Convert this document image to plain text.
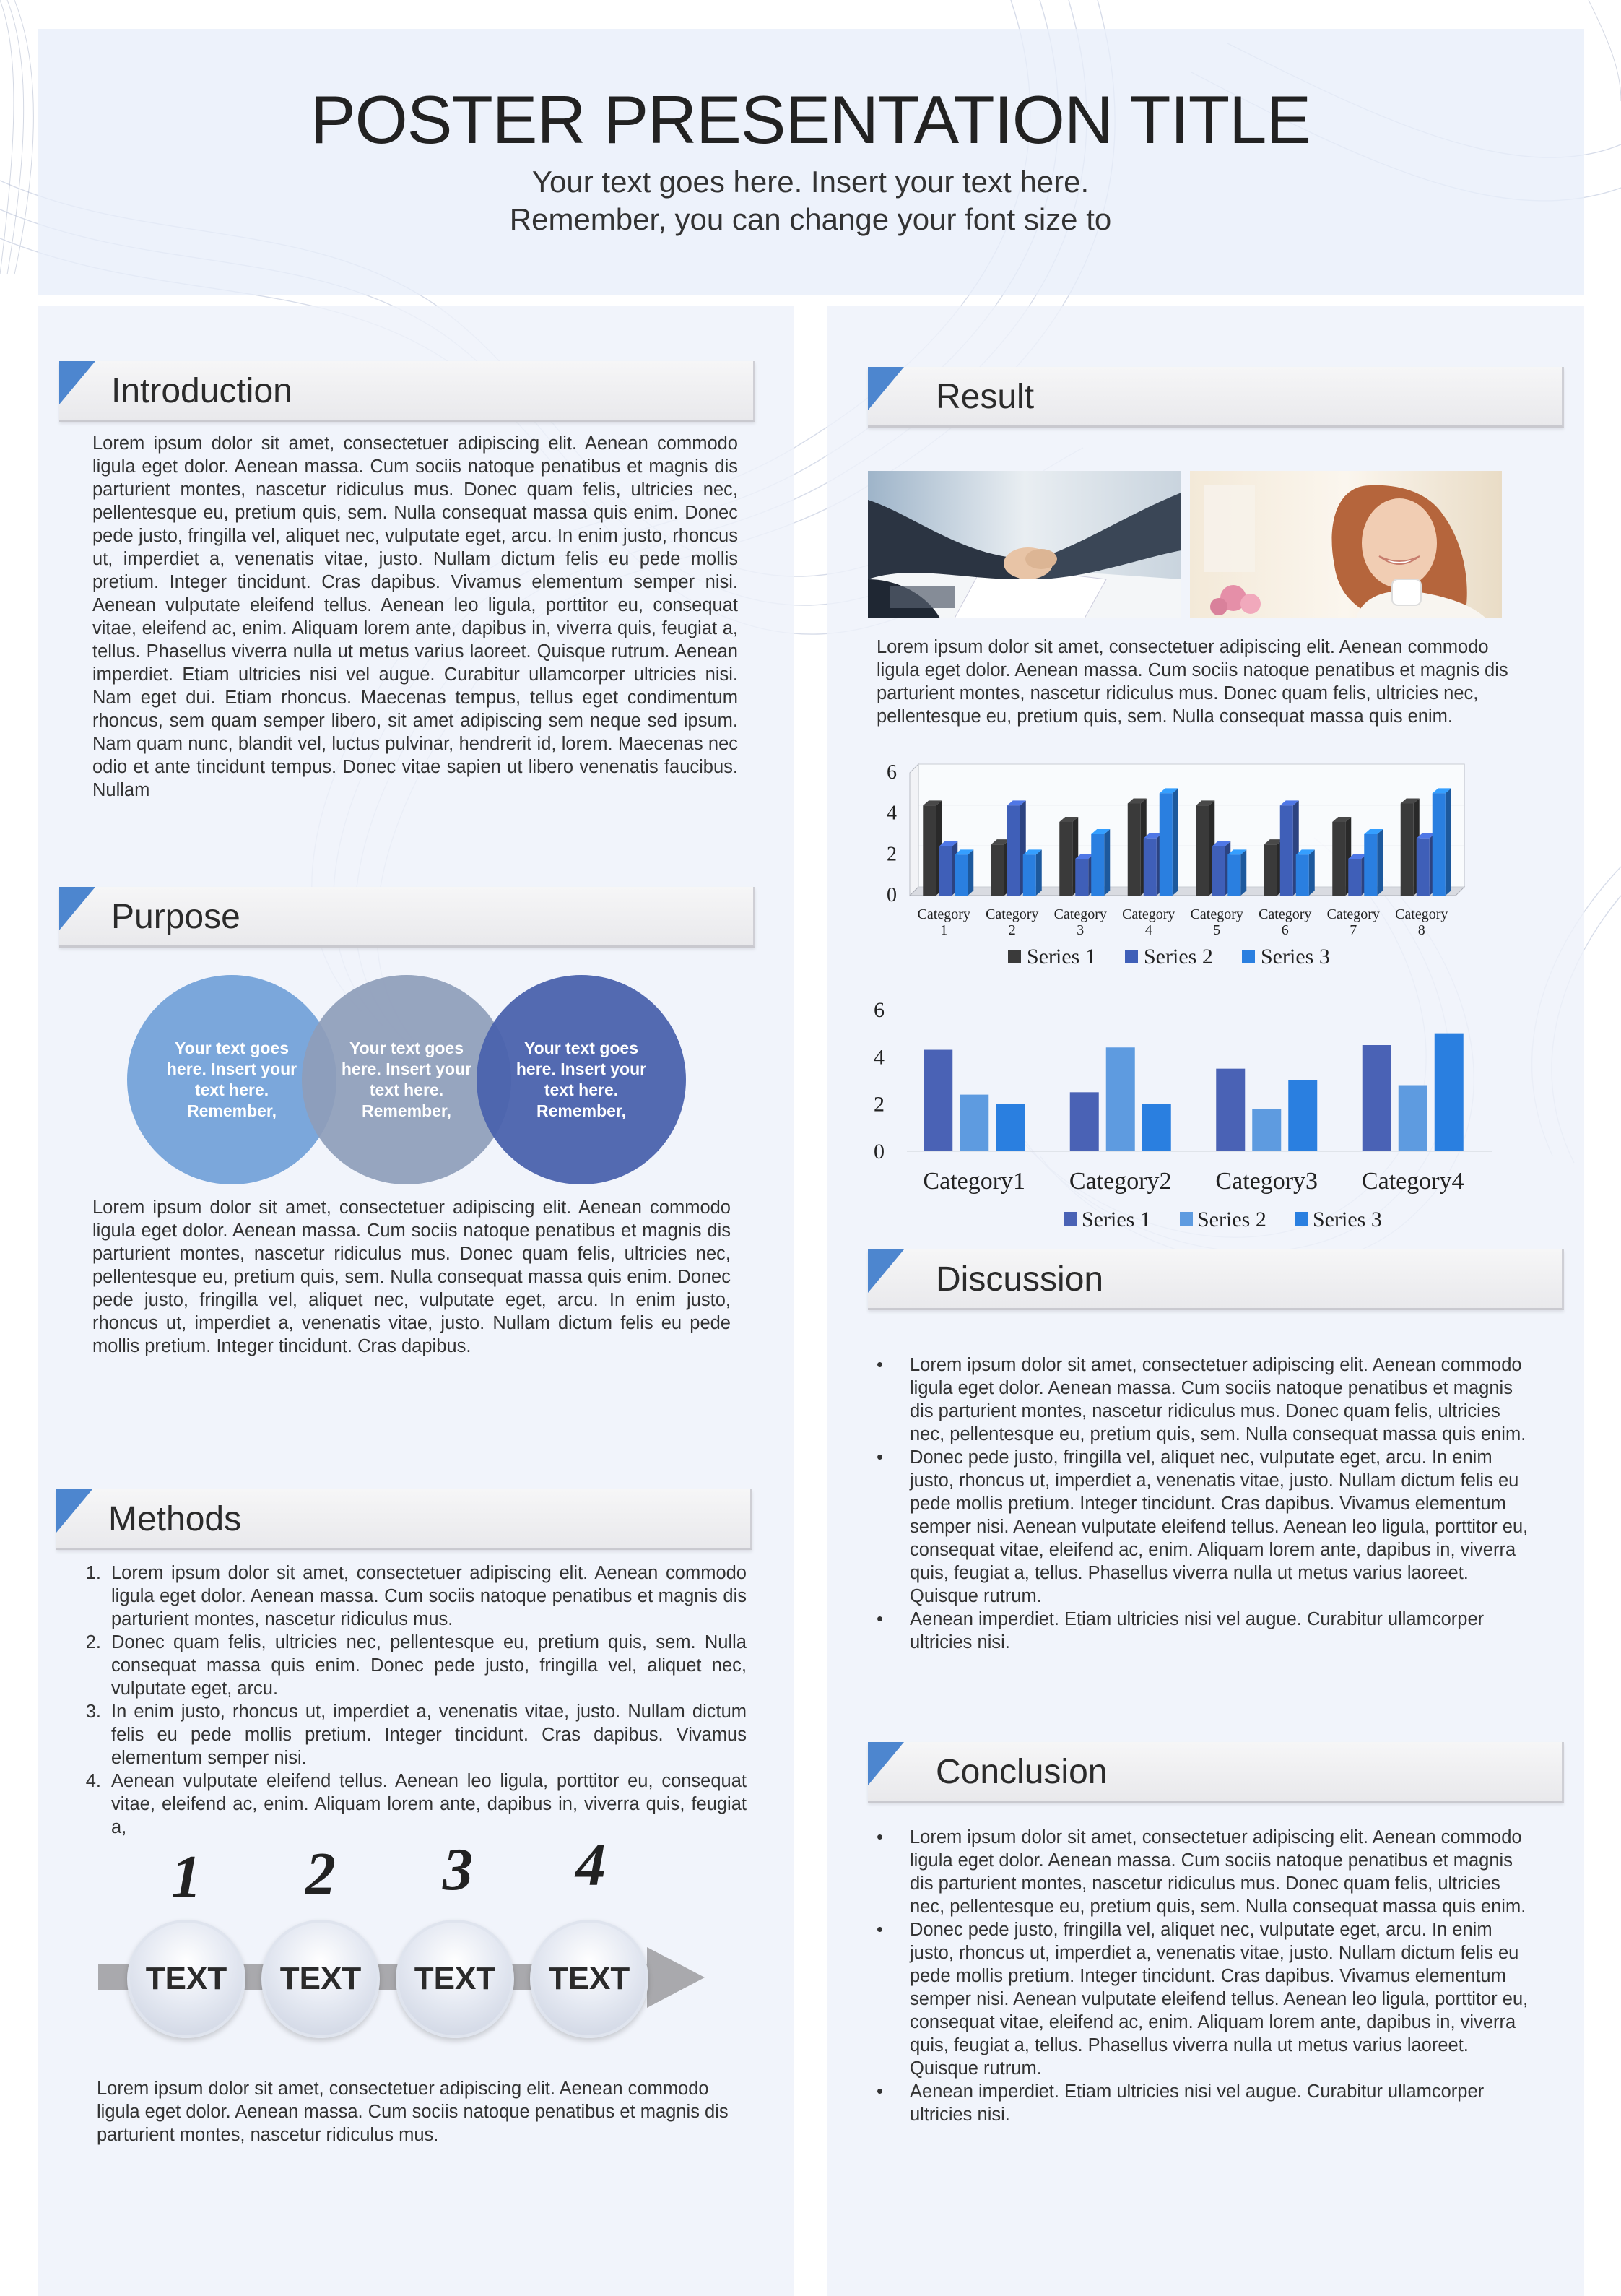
POSTER PRESENTATION TITLE
Your text goes here. Insert your text here.
Remember, you can change your font size to
Introduction
Lorem ipsum dolor sit amet, consectetuer adipiscing elit. Aenean commodo ligula eget dolor. Aenean massa. Cum sociis natoque penatibus et magnis dis parturient montes, nascetur ridiculus mus. Donec quam felis, ultricies nec, pellentesque eu, pretium quis, sem. Nulla consequat massa quis enim. Donec pede justo, fringilla vel, aliquet nec, vulputate eget, arcu. In enim justo, rhoncus ut, imperdiet a, venenatis vitae, justo. Nullam dictum felis eu pede mollis pretium. Integer tincidunt. Cras dapibus. Vivamus elementum semper nisi. Aenean vulputate eleifend tellus. Aenean leo ligula, porttitor eu, consequat vitae, eleifend ac, enim. Aliquam lorem ante, dapibus in, viverra quis, feugiat a, tellus. Phasellus viverra nulla ut metus varius laoreet. Quisque rutrum. Aenean imperdiet. Etiam ultricies nisi vel augue. Curabitur ullamcorper ultricies nisi. Nam eget dui. Etiam rhoncus. Maecenas tempus, tellus eget condimentum rhoncus, sem quam semper libero, sit amet adipiscing sem neque sed ipsum. Nam quam nunc, blandit vel, luctus pulvinar, hendrerit id, lorem. Maecenas nec odio et ante tincidunt tempus. Donec vitae sapien ut libero venenatis faucibus. Nullam
Purpose
Your text goes here. Insert your text here. Remember,
Your text goes here. Insert your text here. Remember,
Your text goes here. Insert your text here. Remember,
Lorem ipsum dolor sit amet, consectetuer adipiscing elit. Aenean commodo ligula eget dolor. Aenean massa. Cum sociis natoque penatibus et magnis dis parturient montes, nascetur ridiculus mus. Donec quam felis, ultricies nec, pellentesque eu, pretium quis, sem. Nulla consequat massa quis enim. Donec pede justo, fringilla vel, aliquet nec, vulputate eget, arcu. In enim justo, rhoncus ut, imperdiet a, venenatis vitae, justo. Nullam dictum felis eu pede mollis pretium. Integer tincidunt. Cras dapibus.
Methods
1. Lorem ipsum dolor sit amet, consectetuer adipiscing elit. Aenean commodo ligula eget dolor. Aenean massa. Cum sociis natoque penatibus et magnis dis parturient montes, nascetur ridiculus mus.
2. Donec quam felis, ultricies nec, pellentesque eu, pretium quis, sem. Nulla consequat massa quis enim. Donec pede justo, fringilla vel, aliquet nec, vulputate eget, arcu.
3. In enim justo, rhoncus ut, imperdiet a, venenatis vitae, justo. Nullam dictum felis eu pede mollis pretium. Integer tincidunt. Cras dapibus. Vivamus elementum semper nisi.
4. Aenean vulputate eleifend tellus. Aenean leo ligula, porttitor eu, consequat vitae, eleifend ac, enim. Aliquam lorem ante, dapibus in, viverra quis, feugiat a,
1	2	3	4
TEXT	TEXT	TEXT	TEXT
Lorem ipsum dolor sit amet, consectetuer adipiscing elit. Aenean commodo ligula eget dolor. Aenean massa. Cum sociis natoque penatibus et magnis dis parturient montes, nascetur ridiculus mus.
Result
Lorem ipsum dolor sit amet, consectetuer adipiscing elit. Aenean commodo ligula eget dolor. Aenean massa. Cum sociis natoque penatibus et magnis dis parturient montes, nascetur ridiculus mus. Donec quam felis, ultricies nec, pellentesque eu, pretium quis, sem. Nulla consequat massa quis enim.
0
2
4
6
Category
1
Category
2
Category
3
Category
4
Category
5
Category
6
Category
7
Category
8
Series 1 Series 2 Series 3
0
2
4
6
Category1 Category2 Category3 Category4
Series 1 Series 2 Series 3
Discussion
• Lorem ipsum dolor sit amet, consectetuer adipiscing elit. Aenean commodo ligula eget dolor. Aenean massa. Cum sociis natoque penatibus et magnis dis parturient montes, nascetur ridiculus mus. Donec quam felis, ultricies nec, pellentesque eu, pretium quis, sem. Nulla consequat massa quis enim.
• Donec pede justo, fringilla vel, aliquet nec, vulputate eget, arcu. In enim justo, rhoncus ut, imperdiet a, venenatis vitae, justo. Nullam dictum felis eu pede mollis pretium. Integer tincidunt. Cras dapibus. Vivamus elementum semper nisi. Aenean vulputate eleifend tellus. Aenean leo ligula, porttitor eu, consequat vitae, eleifend ac, enim. Aliquam lorem ante, dapibus in, viverra quis, feugiat a, tellus. Phasellus viverra nulla ut metus varius laoreet. Quisque rutrum.
• Aenean imperdiet. Etiam ultricies nisi vel augue. Curabitur ullamcorper ultricies nisi.
Conclusion
• Lorem ipsum dolor sit amet, consectetuer adipiscing elit. Aenean commodo ligula eget dolor. Aenean massa. Cum sociis natoque penatibus et magnis dis parturient montes, nascetur ridiculus mus. Donec quam felis, ultricies nec, pellentesque eu, pretium quis, sem. Nulla consequat massa quis enim.
• Donec pede justo, fringilla vel, aliquet nec, vulputate eget, arcu. In enim justo, rhoncus ut, imperdiet a, venenatis vitae, justo. Nullam dictum felis eu pede mollis pretium. Integer tincidunt. Cras dapibus. Vivamus elementum semper nisi. Aenean vulputate eleifend tellus. Aenean leo ligula, porttitor eu, consequat vitae, eleifend ac, enim. Aliquam lorem ante, dapibus in, viverra quis, feugiat a, tellus. Phasellus viverra nulla ut metus varius laoreet. Quisque rutrum.
• Aenean imperdiet. Etiam ultricies nisi vel augue. Curabitur ullamcorper ultricies nisi.
